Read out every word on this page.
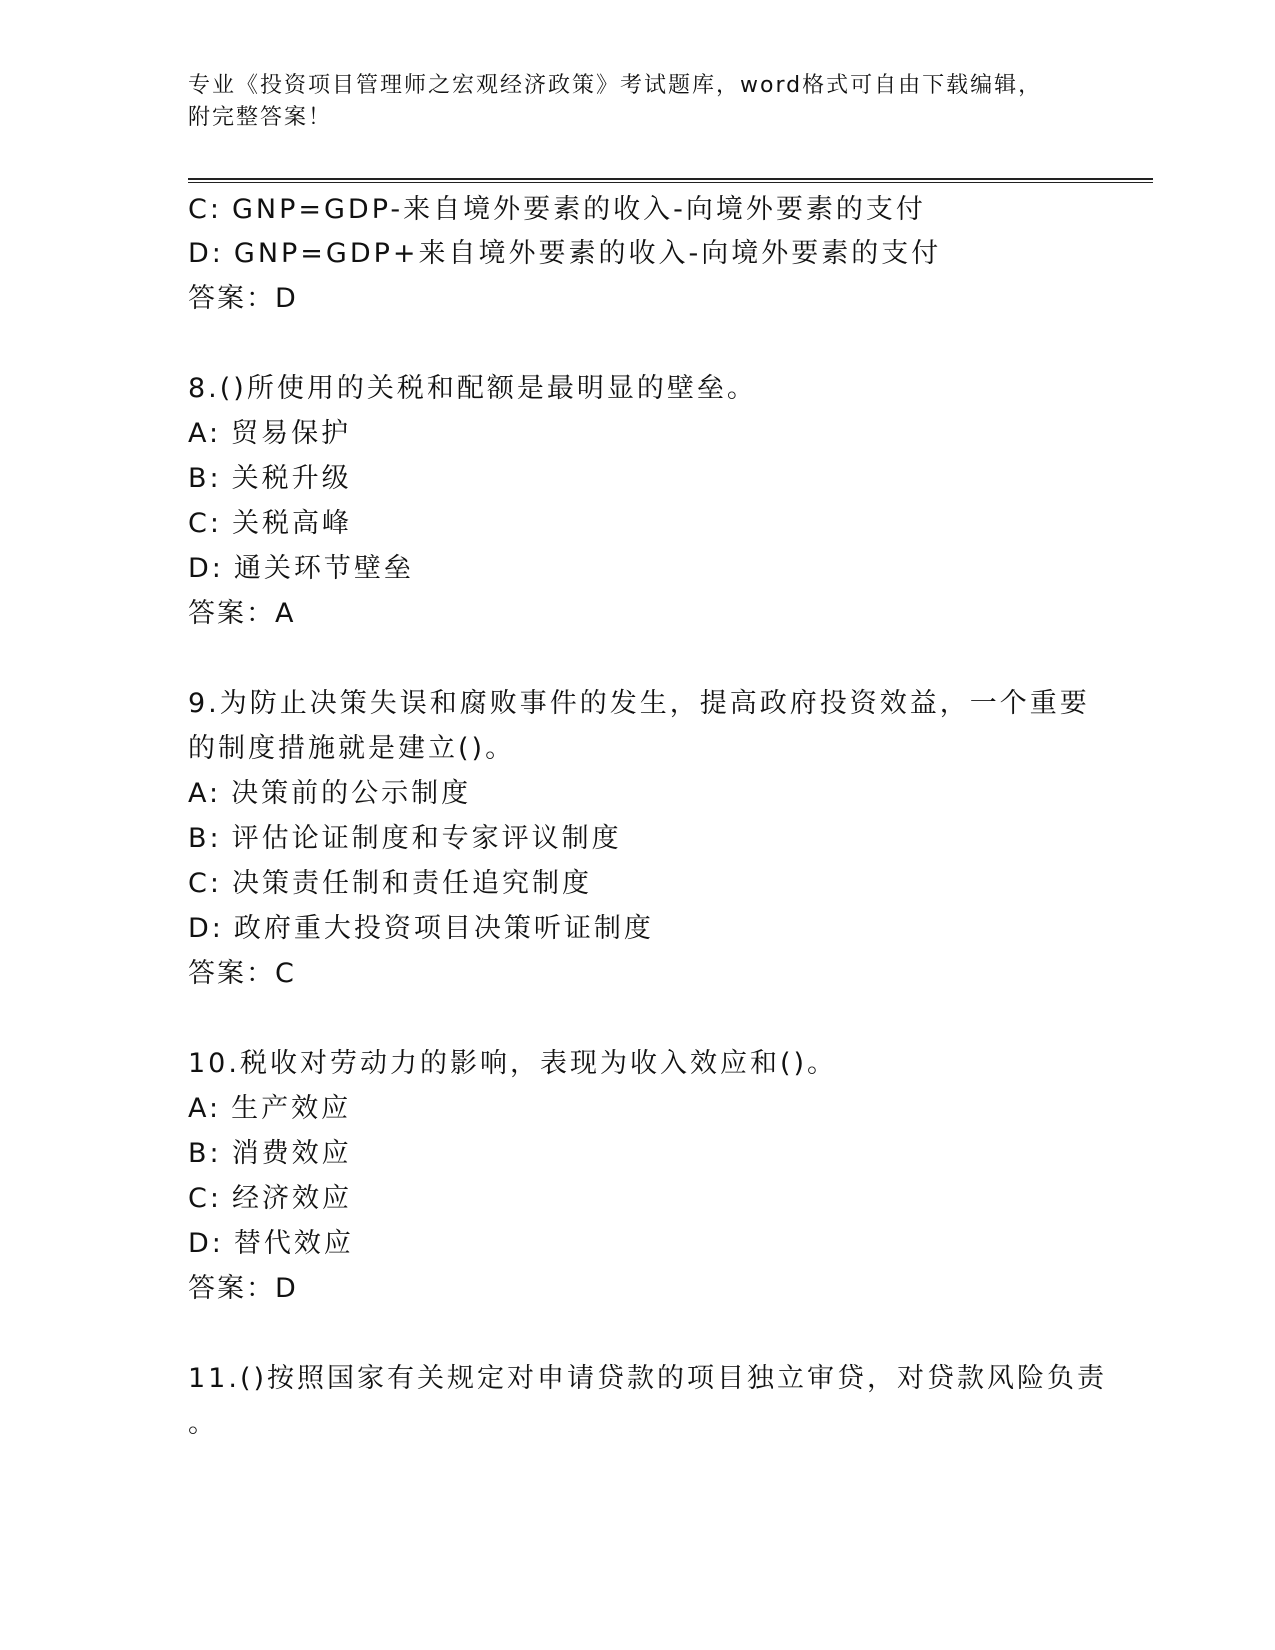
专业《投资项目管理师之宏观经济政策》考试题库，word格式可自由下载编辑，
附完整答案！
C: GNP=GDP-来自境外要素的收入-向境外要素的支付
D: GNP=GDP+来自境外要素的收入-向境外要素的支付
答案：D
8.()所使用的关税和配额是最明显的壁垒。
A: 贸易保护
B: 关税升级
C: 关税高峰
D: 通关环节壁垒
答案：A
9.为防止决策失误和腐败事件的发生，提高政府投资效益，一个重要
的制度措施就是建立()。
A: 决策前的公示制度
B: 评估论证制度和专家评议制度
C: 决策责任制和责任追究制度
D: 政府重大投资项目决策听证制度
答案：C
10.税收对劳动力的影响，表现为收入效应和()。
A: 生产效应
B: 消费效应
C: 经济效应
D: 替代效应
答案：D
11.()按照国家有关规定对申请贷款的项目独立审贷，对贷款风险负责
。
